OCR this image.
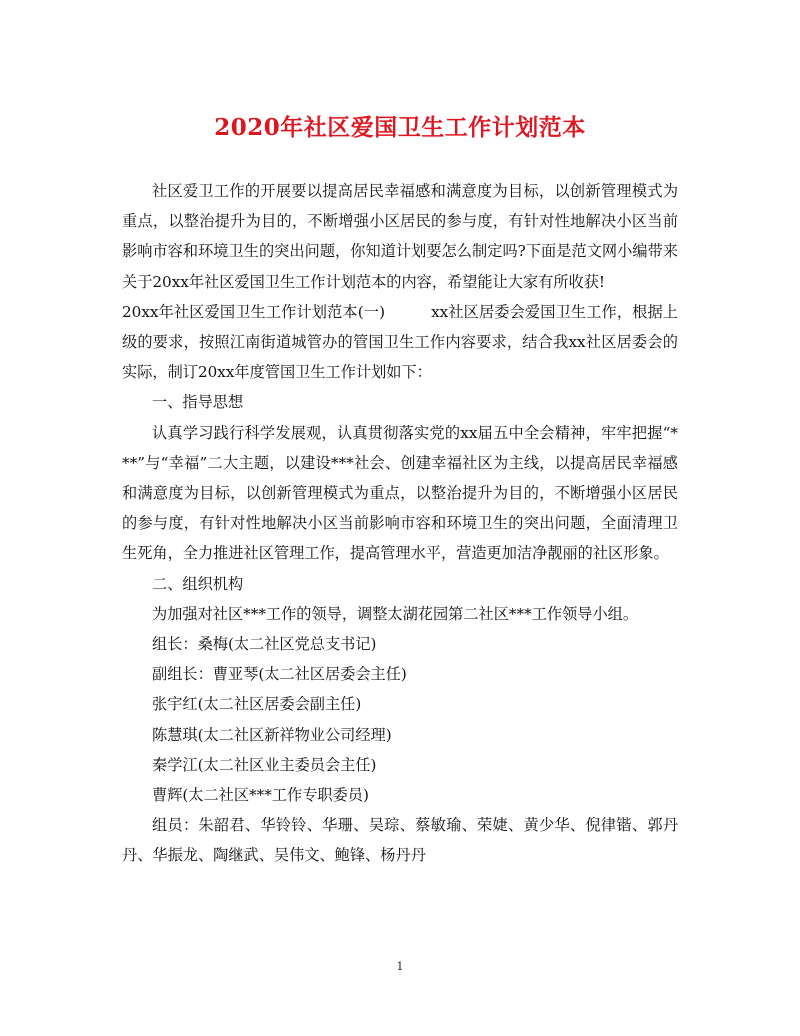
2020年社区爱国卫生工作计划范本

社区爱卫工作的开展要以提高居民幸福感和满意度为目标，以创新管理模式为重点，以整治提升为目的，不断增强小区居民的参与度，有针对性地解决小区当前影响市容和环境卫生的突出问题，你知道计划要怎么制定吗?下面是范文网小编带来关于20xx年社区爱国卫生工作计划范本的内容，希望能让大家有所收获!

20xx年社区爱国卫生工作计划范本(一)	xx社区居委会爱国卫生工作，根据上级的要求，按照江南街道城管办的管国卫生工作内容要求，结合我xx社区居委会的实际，制订20xx年度管国卫生工作计划如下：

一、指导思想

认真学习践行科学发展观，认真贯彻落实党的xx届五中全会精神，牢牢把握“***”与“幸福”二大主题，以建设***社会、创建幸福社区为主线，以提高居民幸福感和满意度为目标，以创新管理模式为重点，以整治提升为目的，不断增强小区居民的参与度，有针对性地解决小区当前影响市容和环境卫生的突出问题，全面清理卫生死角，全力推进社区管理工作，提高管理水平，营造更加洁净靓丽的社区形象。

二、组织机构

为加强对社区***工作的领导，调整太湖花园第二社区***工作领导小组。

组长：桑梅(太二社区党总支书记)

副组长：曹亚琴(太二社区居委会主任)

张宇红(太二社区居委会副主任)

陈慧琪(太二社区新祥物业公司经理)

秦学江(太二社区业主委员会主任)

曹辉(太二社区***工作专职委员)

组员：朱韶君、华铃铃、华珊、吴琮、蔡敏瑜、荣婕、黄少华、倪律锴、郭丹丹、华振龙、陶继武、吴伟文、鲍锋、杨丹丹

1
